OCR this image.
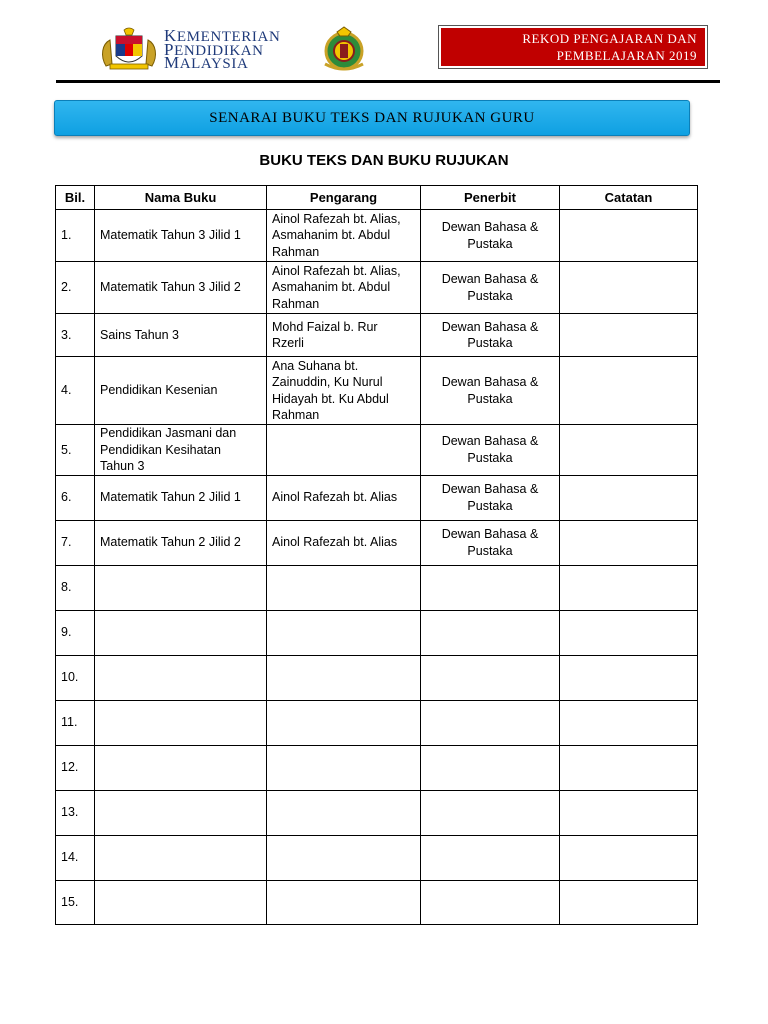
KEMENTERIAN
PENDIDIKAN
MALAYSIA
REKOD PENGAJARAN DAN
PEMBELAJARAN 2019
SENARAI BUKU TEKS DAN RUJUKAN GURU
BUKU TEKS DAN BUKU RUJUKAN
Bil.	Nama Buku	Pengarang	Penerbit	Catatan
1.	Matematik Tahun 3 Jilid 1	Ainol Rafezah bt. Alias,
Asmahanim bt. Abdul
Rahman	Dewan Bahasa &
Pustaka	
2.	Matematik Tahun 3 Jilid 2	Ainol Rafezah bt. Alias,
Asmahanim bt. Abdul
Rahman	Dewan Bahasa &
Pustaka	
3.	Sains Tahun 3	Mohd Faizal b. Rur
Rzerli	Dewan Bahasa &
Pustaka	
4.	Pendidikan Kesenian	Ana Suhana bt.
Zainuddin, Ku Nurul
Hidayah bt. Ku Abdul
Rahman	Dewan Bahasa &
Pustaka	
5.	Pendidikan Jasmani dan
Pendidikan Kesihatan
Tahun 3		Dewan Bahasa &
Pustaka	
6.	Matematik Tahun 2 Jilid 1	Ainol Rafezah bt. Alias	Dewan Bahasa &
Pustaka	
7.	Matematik Tahun 2 Jilid 2	Ainol Rafezah bt. Alias	Dewan Bahasa &
Pustaka	
8.				
9.				
10.				
11.				
12.				
13.				
14.				
15.				
